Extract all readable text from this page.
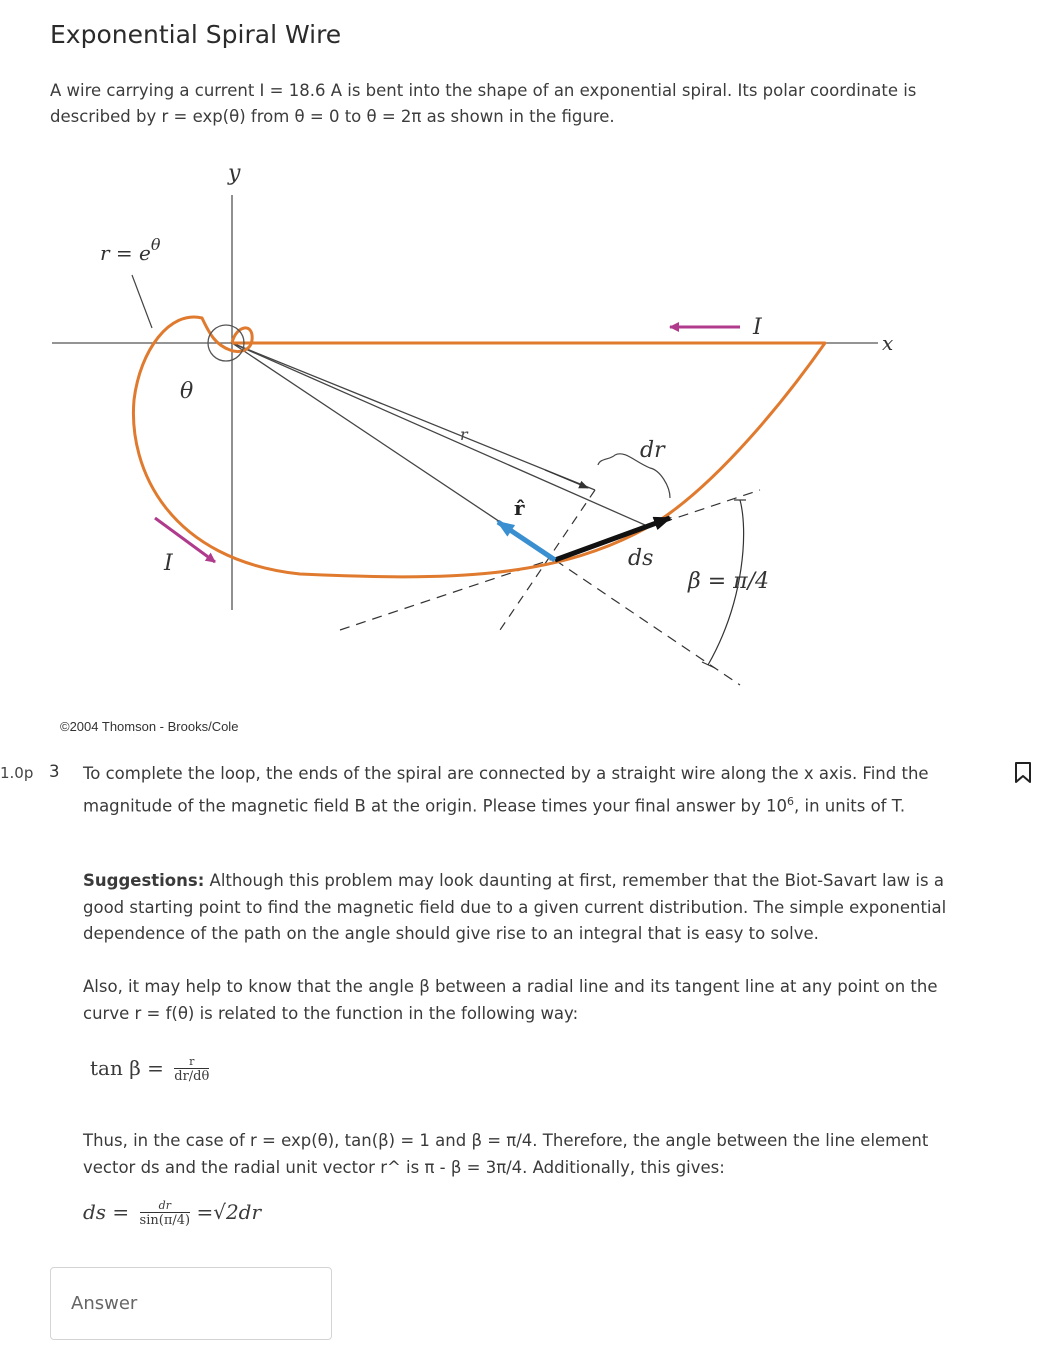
Exponential Spiral Wire
A wire carrying a current I = 18.6 A is bent into the shape of an exponential spiral. Its polar coordinate is
described by r = exp(θ) from θ = 0 to θ = 2π as shown in the figure.
y
x
$r = e^\theta$
θ
r
r̂
dr
ds
I
I
β = π/4
©2004 Thomson - Brooks/Cole
1.0p 3 To complete the loop, the ends of the spiral are connected by a straight wire along the x axis. Find the
magnitude of the magnetic field B at the origin. Please times your final answer by $10^6$, in units of T.
Suggestions: Although this problem may look daunting at first, remember that the Biot-Savart law is a good starting point to find the magnetic field due to a given current distribution. The simple exponential dependence of the path on the angle should give rise to an integral that is easy to solve.
Also, it may help to know that the angle β between a radial line and its tangent line at any point on the curve r = f(θ) is related to the function in the following way:
$\tan \beta = \frac{r}{dr/d\theta}$
Thus, in the case of r = exp(θ), tan(β) = 1 and β = π/4. Therefore, the angle between the line element vector ds and the radial unit vector r^ is π - β = 3π/4. Additionally, this gives:
ds = $\frac{dr}{\sin(\pi/4)} =√2dr$
Answer
